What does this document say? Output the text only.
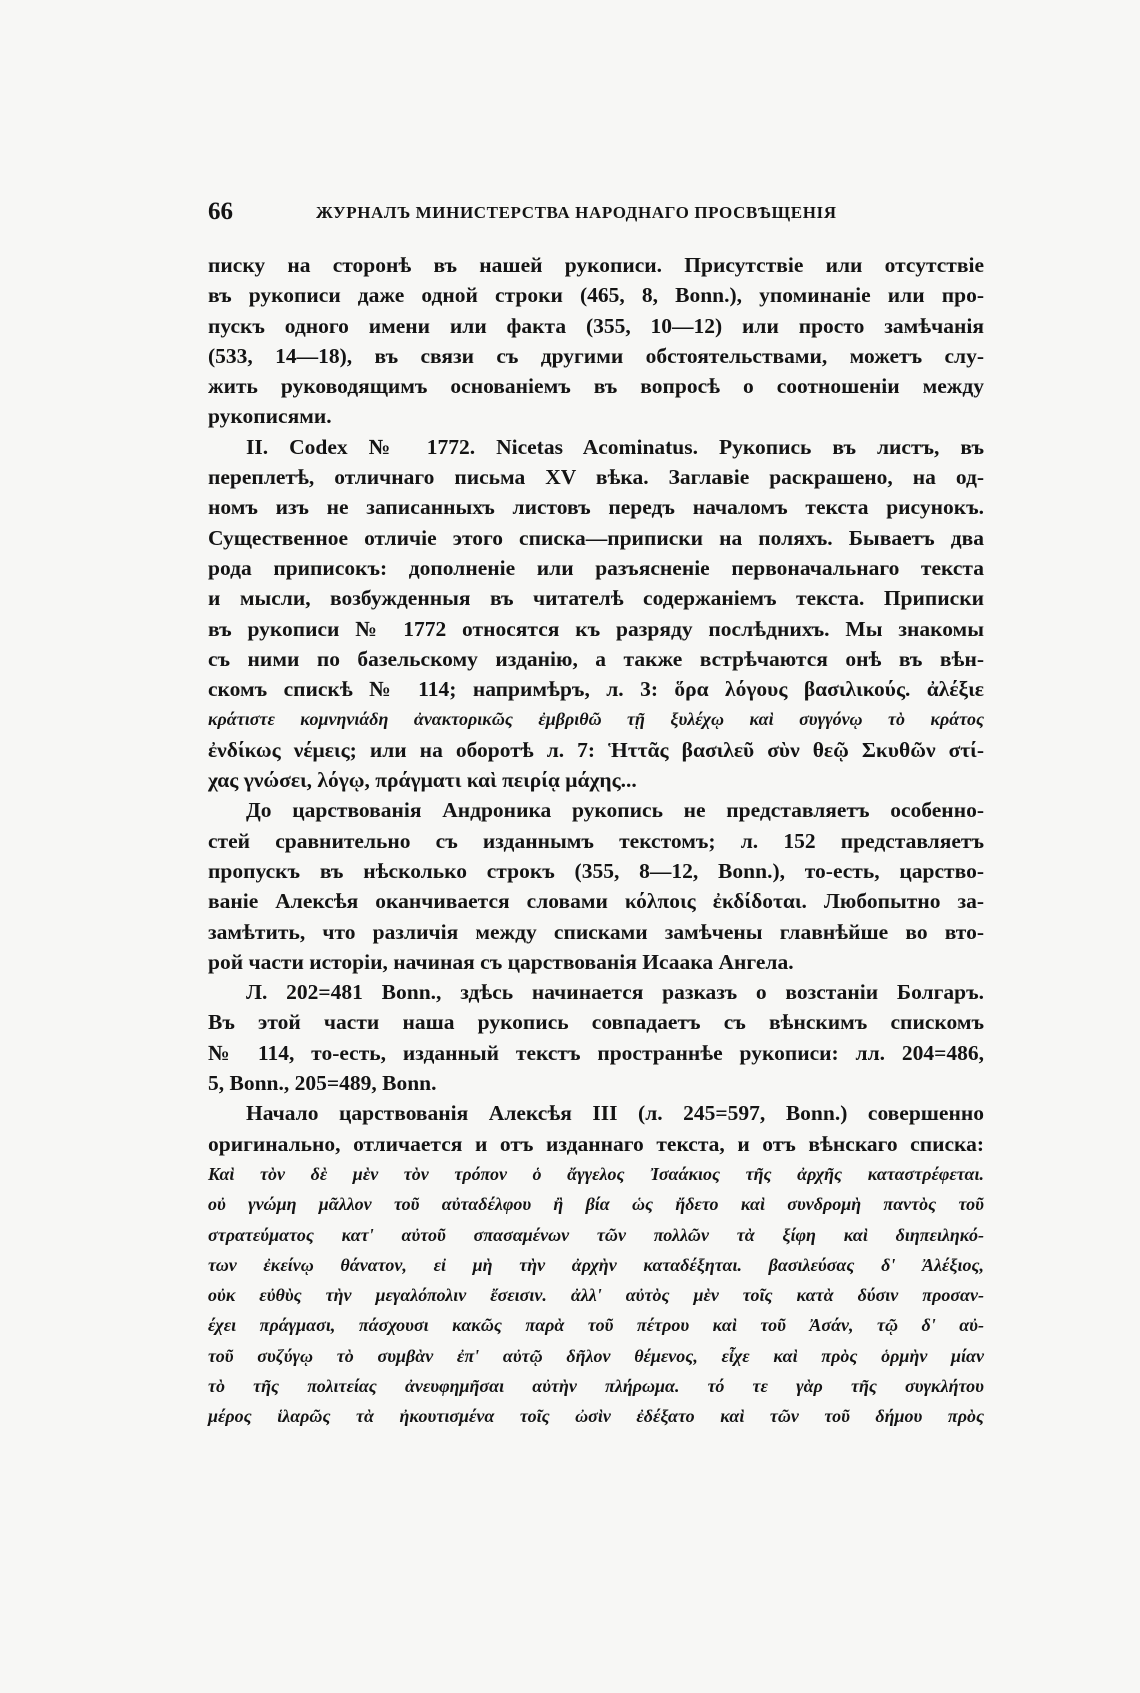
66	ЖУРНАЛЪ МИНИСТЕРСТВА НАРОДНАГО ПРОСВѢЩЕНІЯ
писку на сторонѣ въ нашей рукописи. Присутствіе или отсутствіе
въ рукописи даже одной строки (465, 8, Bonn.), упоминаніе или про-
пускъ одного имени или факта (355, 10—12) или просто замѣчанія
(533, 14—18), въ связи съ другими обстоятельствами, можетъ слу-
жить руководящимъ основаніемъ въ вопросѣ о соотношеніи между
рукописями.
II. Codex № 1772. Nicetas Acominatus. Рукопись въ листъ, въ
переплетѣ, отличнаго письма XV вѣка. Заглавіе раскрашено, на од-
номъ изъ не записанныхъ листовъ передъ началомъ текста рисунокъ.
Существенное отличіе этого списка—приписки на поляхъ. Бываетъ два
рода приписокъ: дополненіе или разъясненіе первоначальнаго текста
и мысли, возбужденныя въ читателѣ содержаніемъ текста. Приписки
въ рукописи № 1772 относятся къ разряду послѣднихъ. Мы знакомы
съ ними по базельскому изданію, а также встрѣчаются онѣ въ вѣн-
скомъ спискѣ № 114; напримѣръ, л. 3: ὅρα λόγους βασιλικούς. ἀλέξιε
κράτιστε κομνηνιάδη ἀνακτορικῶς ἐμβριθῶ τῇ ξυλέχῳ καὶ συγγόνῳ τὸ κράτος
ἐνδίκως νέμεις; или на оборотѣ л. 7: Ἡττᾶς βασιλεῦ σὺν θεῷ Σκυθῶν στί-
χας γνώσει, λόγῳ, πράγματι καὶ πειρίᾳ μάχης...
До царствованія Андроника рукопись не представляетъ особенно-
стей сравнительно съ изданнымъ текстомъ; л. 152 представляетъ
пропускъ въ нѣсколько строкъ (355, 8—12, Bonn.), то-есть, царство-
ваніе Алексѣя оканчивается словами κόλποις ἐκδίδοται. Любопытно за-
замѣтить, что различія между списками замѣчены главнѣйше во вто-
рой части исторіи, начиная съ царствованія Исаака Ангела.
Л. 202=481 Bonn., здѣсь начинается разказъ о возстаніи Болгаръ.
Въ этой части наша рукопись совпадаетъ съ вѣнскимъ спискомъ
№ 114, то-есть, изданный текстъ пространнѣе рукописи: лл. 204=486,
5, Bonn., 205=489, Bonn.
Начало царствованія Алексѣя III (л. 245=597, Bonn.) совершенно
оригинально, отличается и отъ изданнаго текста, и отъ вѣнскаго списка:
Καὶ τὸν δὲ μὲν τὸν τρόπον ὁ ἄγγελος Ἰσαάκιος τῆς ἀρχῆς καταστρέφεται.
οὐ γνώμη μᾶλλον τοῦ αὐταδέλφου ἢ βία ὡς ἤδετο καὶ συνδρομὴ παντὸς τοῦ
στρατεύματος κατ' αὐτοῦ σπασαμένων τῶν πολλῶν τὰ ξίφη καὶ διηπειληκό-
των ἐκείνῳ θάνατον, εἰ μὴ τὴν ἀρχὴν καταδέξηται. βασιλεύσας δ' Ἀλέξιος,
οὐκ εὐθὺς τὴν μεγαλόπολιν ἔσεισιν. ἀλλ' αὐτὸς μὲν τοῖς κατὰ δύσιν προσαν-
έχει πράγμασι, πάσχουσι κακῶς παρὰ τοῦ πέτρου καὶ τοῦ Ἀσάν, τῷ δ' αὐ-
τοῦ συζύγῳ τὸ συμβὰν ἐπ' αὐτῷ δῆλον θέμενος, εἶχε καὶ πρὸς ὁρμὴν μίαν
τὸ τῆς πολιτείας ἀνευφημῆσαι αὐτὴν πλήρωμα. τό τε γὰρ τῆς συγκλήτου
μέρος ἱλαρῶς τὰ ἠκουτισμένα τοῖς ὠσὶν ἐδέξατο καὶ τῶν τοῦ δήμου πρὸς
